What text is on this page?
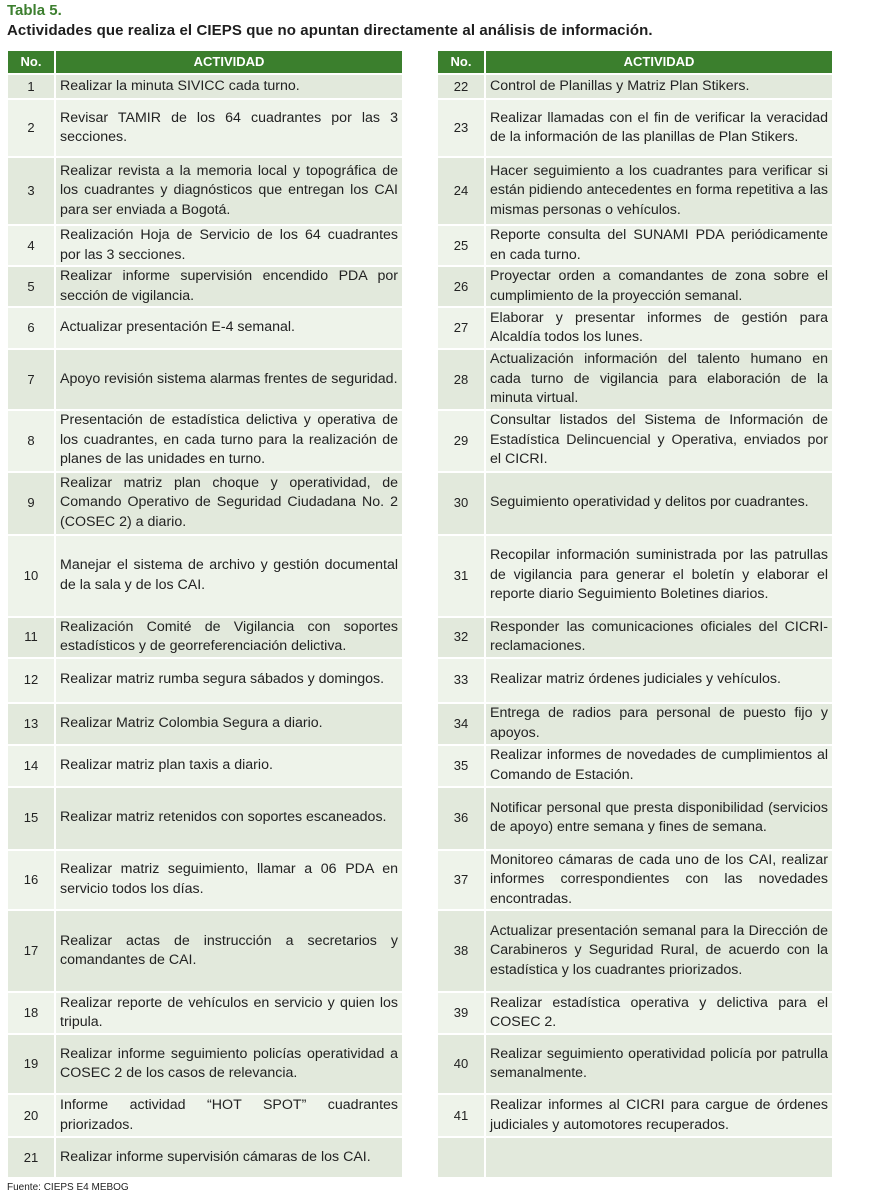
Tabla 5.
Actividades que realiza el CIEPS que no apuntan directamente al análisis de información.
No.	ACTIVIDAD		No.	ACTIVIDAD
1	Realizar la minuta SIVICC cada turno.		22	Control de Planillas y Matriz Plan Stikers.
2	Revisar TAMIR de los 64 cuadrantes por las 3 secciones.		23	Realizar llamadas con el fin de verificar la veracidad de la información de las planillas de Plan Stikers.
3	Realizar revista a la memoria local y topográfica de los cuadrantes y diagnósticos que entregan los CAI para ser enviada a Bogotá.		24	Hacer seguimiento a los cuadrantes para verificar si están pidiendo antecedentes en forma repetitiva a las mismas personas o vehículos.
4	Realización Hoja de Servicio de los 64 cuadrantes por las 3 secciones.		25	Reporte consulta del SUNAMI PDA periódicamente en cada turno.
5	Realizar informe supervisión encendido PDA por sección de vigilancia.		26	Proyectar orden a comandantes de zona sobre el cumplimiento de la proyección semanal.
6	Actualizar presentación E-4 semanal.		27	Elaborar y presentar informes de gestión para Alcaldía todos los lunes.
7	Apoyo revisión sistema alarmas frentes de seguridad.		28	Actualización información del talento humano en cada turno de vigilancia para elaboración de la minuta virtual.
8	Presentación de estadística delictiva y operativa de los cuadrantes, en cada turno para la realización de planes de las unidades en turno.		29	Consultar listados del Sistema de Información de Estadística Delincuencial y Operativa, enviados por el CICRI.
9	Realizar matriz plan choque y operatividad, de Comando Operativo de Seguridad Ciudadana No. 2 (COSEC 2) a diario.		30	Seguimiento operatividad y delitos por cuadrantes.
10	Manejar el sistema de archivo y gestión documental de la sala y de los CAI.		31	Recopilar información suministrada por las patrullas de vigilancia para generar el boletín y elaborar el reporte diario Seguimiento Boletines diarios.
11	Realización Comité de Vigilancia con soportes estadísticos y de georreferenciación delictiva.		32	Responder las comunicaciones oficiales del CICRI- reclamaciones.
12	Realizar matriz rumba segura sábados y domingos.		33	Realizar matriz órdenes judiciales y vehículos.
13	Realizar Matriz Colombia Segura a diario.		34	Entrega de radios para personal de puesto fijo y apoyos.
14	Realizar matriz plan taxis a diario.		35	Realizar informes de novedades de cumplimientos al Comando de Estación.
15	Realizar matriz retenidos con soportes escaneados.		36	Notificar personal que presta disponibilidad (servicios de apoyo) entre semana y fines de semana.
16	Realizar matriz seguimiento, llamar a 06 PDA en servicio todos los días.		37	Monitoreo cámaras de cada uno de los CAI, realizar informes correspondientes con las novedades encontradas.
17	Realizar actas de instrucción a secretarios y comandantes de CAI.		38	Actualizar presentación semanal para la Dirección de Carabineros y Seguridad Rural, de acuerdo con la estadística y los cuadrantes priorizados.
18	Realizar reporte de vehículos en servicio y quien los tripula.		39	Realizar estadística operativa y delictiva para el COSEC 2.
19	Realizar informe seguimiento policías operatividad a COSEC 2 de los casos de relevancia.		40	Realizar seguimiento operatividad policía por patrulla semanalmente.
20	Informe actividad “HOT SPOT” cuadrantes priorizados.		41	Realizar informes al CICRI para cargue de órdenes judiciales y automotores recuperados.
21	Realizar informe supervisión cámaras de los CAI.			
Fuente: CIEPS E4 MEBOG
